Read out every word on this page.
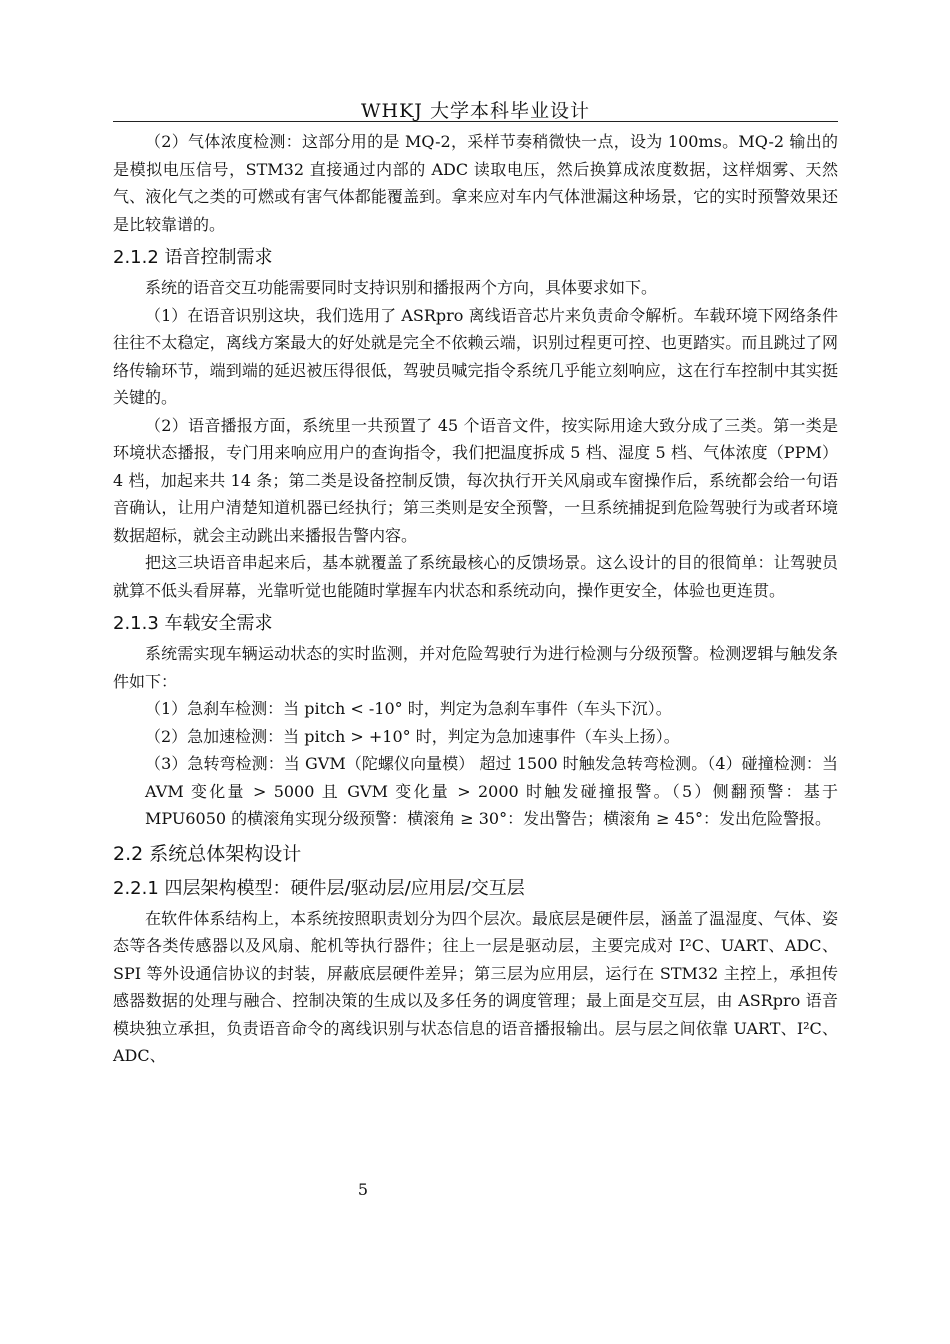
WHKJ 大学本科毕业设计

（2）气体浓度检测：这部分用的是 MQ-2，采样节奏稍微快一点，设为 100ms。MQ-2 输出的是模拟电压信号，STM32 直接通过内部的 ADC 读取电压，然后换算成浓度数据，这样烟雾、天然气、液化气之类的可燃或有害气体都能覆盖到。拿来应对车内气体泄漏这种场景，它的实时预警效果还是比较靠谱的。

2.1.2 语音控制需求

系统的语音交互功能需要同时支持识别和播报两个方向，具体要求如下。

（1）在语音识别这块，我们选用了 ASRpro 离线语音芯片来负责命令解析。车载环境下网络条件往往不太稳定，离线方案最大的好处就是完全不依赖云端，识别过程更可控、也更踏实。而且跳过了网络传输环节，端到端的延迟被压得很低，驾驶员喊完指令系统几乎能立刻响应，这在行车控制中其实挺关键的。

（2）语音播报方面，系统里一共预置了 45 个语音文件，按实际用途大致分成了三类。第一类是环境状态播报，专门用来响应用户的查询指令，我们把温度拆成 5 档、湿度 5 档、气体浓度（PPM）4 档，加起来共 14 条；第二类是设备控制反馈，每次执行开关风扇或车窗操作后，系统都会给一句语音确认，让用户清楚知道机器已经执行；第三类则是安全预警，一旦系统捕捉到危险驾驶行为或者环境数据超标，就会主动跳出来播报告警内容。

把这三块语音串起来后，基本就覆盖了系统最核心的反馈场景。这么设计的目的很简单：让驾驶员就算不低头看屏幕，光靠听觉也能随时掌握车内状态和系统动向，操作更安全，体验也更连贯。

2.1.3 车载安全需求

系统需实现车辆运动状态的实时监测，并对危险驾驶行为进行检测与分级预警。检测逻辑与触发条件如下：

（1）急刹车检测：当 pitch < -10° 时，判定为急刹车事件（车头下沉）。

（2）急加速检测：当 pitch > +10° 时，判定为急加速事件（车头上扬）。

（3）急转弯检测：当 GVM（陀螺仪向量模） 超过 1500 时触发急转弯检测。（4）碰撞检测：当 AVM 变化量 > 5000 且 GVM 变化量 > 2000 时触发碰撞报警。（5）侧翻预警：基于 MPU6050 的横滚角实现分级预警：横滚角 ≥ 30°：发出警告；横滚角 ≥ 45°：发出危险警报。

2.2 系统总体架构设计
2.2.1 四层架构模型：硬件层/驱动层/应用层/交互层

在软件体系结构上，本系统按照职责划分为四个层次。最底层是硬件层，涵盖了温湿度、气体、姿态等各类传感器以及风扇、舵机等执行器件；往上一层是驱动层，主要完成对 I²C、UART、ADC、SPI 等外设通信协议的封装，屏蔽底层硬件差异；第三层为应用层，运行在 STM32 主控上，承担传感器数据的处理与融合、控制决策的生成以及多任务的调度管理；最上面是交互层，由 ASRpro 语音模块独立承担，负责语音命令的离线识别与状态信息的语音播报输出。层与层之间依靠 UART、I²C、ADC、

5
